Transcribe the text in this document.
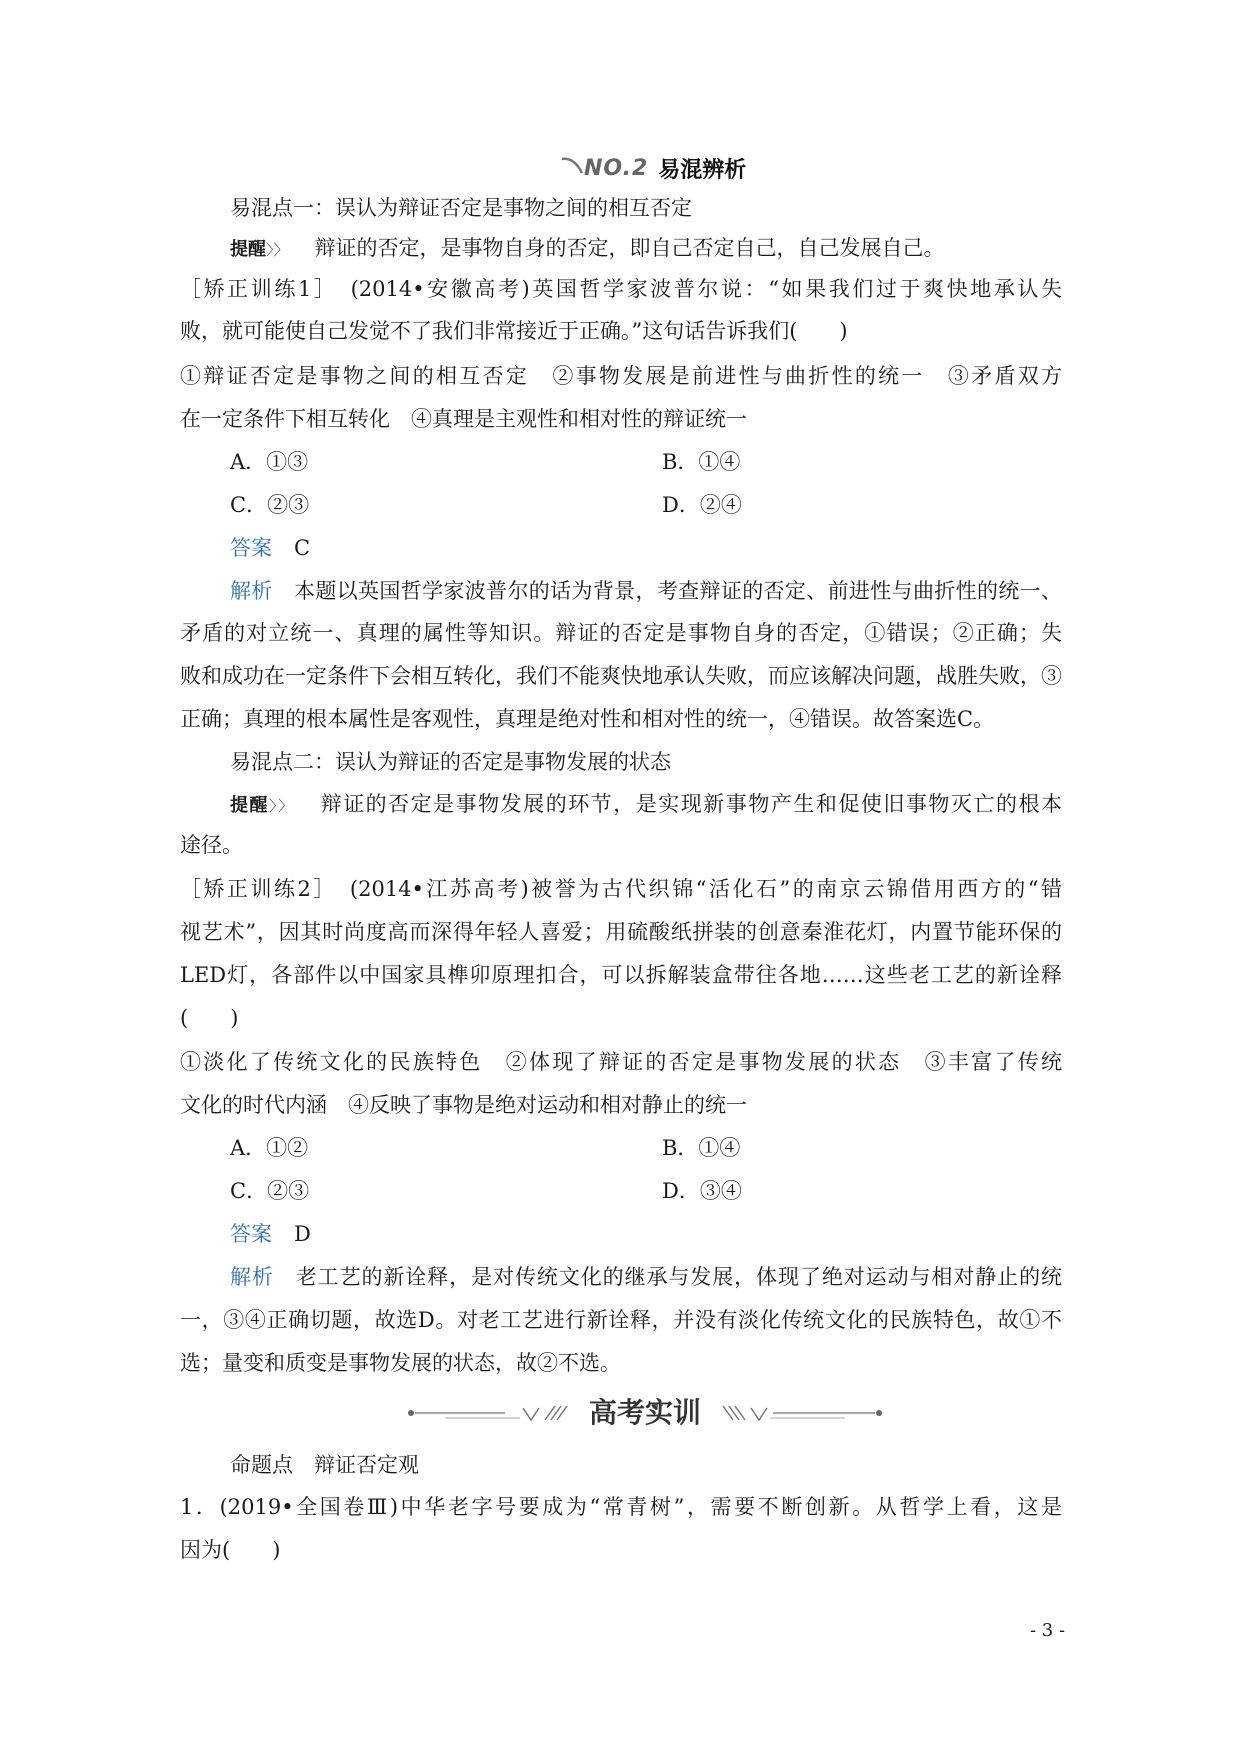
NO.2 易混辨析
易混点一：误认为辩证否定是事物之间的相互否定
提醒〉〉 辩证的否定，是事物自身的否定，即自己否定自己，自己发展自己。
［矫正训练1］　(2014•安徽高考)英国哲学家波普尔说：“如果我们过于爽快地承认失
败，就可能使自己发觉不了我们非常接近于正确。”这句话告诉我们(　　)
①辩证否定是事物之间的相互否定　②事物发展是前进性与曲折性的统一　③矛盾双方
在一定条件下相互转化　④真理是主观性和相对性的辩证统一
A．①③	B．①④
C．②③	D．②④
答案 C
解析　 本题以英国哲学家波普尔的话为背景，考查辩证的否定、前进性与曲折性的统一、
矛盾的对立统一、真理的属性等知识。辩证的否定是事物自身的否定，①错误；②正确；失
败和成功在一定条件下会相互转化，我们不能爽快地承认失败，而应该解决问题，战胜失败，③
正确；真理的根本属性是客观性，真理是绝对性和相对性的统一，④错误。故答案选C。
易混点二：误认为辩证的否定是事物发展的状态
提醒〉〉 辩证的否定是事物发展的环节，是实现新事物产生和促使旧事物灭亡的根本
途径。
［矫正训练2］　(2014•江苏高考)被誉为古代织锦“活化石”的南京云锦借用西方的“错
视艺术”，因其时尚度高而深得年轻人喜爱；用硫酸纸拼装的创意秦淮花灯，内置节能环保的
LED灯，各部件以中国家具榫卯原理扣合，可以拆解装盒带往各地……这些老工艺的新诠释
(　　)
①淡化了传统文化的民族特色　②体现了辩证的否定是事物发展的状态　③丰富了传统
文化的时代内涵　④反映了事物是绝对运动和相对静止的统一
A．①②	B．①④
C．②③	D．③④
答案 D
解析　 老工艺的新诠释，是对传统文化的继承与发展，体现了绝对运动与相对静止的统
一，③④正确切题，故选D。对老工艺进行新诠释，并没有淡化传统文化的民族特色，故①不
选；量变和质变是事物发展的状态，故②不选。
高考实训
命题点　辩证否定观
1．(2019•全国卷Ⅲ)中华老字号要成为“常青树”，需要不断创新。从哲学上看，这是
因为(　　)
- 3 -
